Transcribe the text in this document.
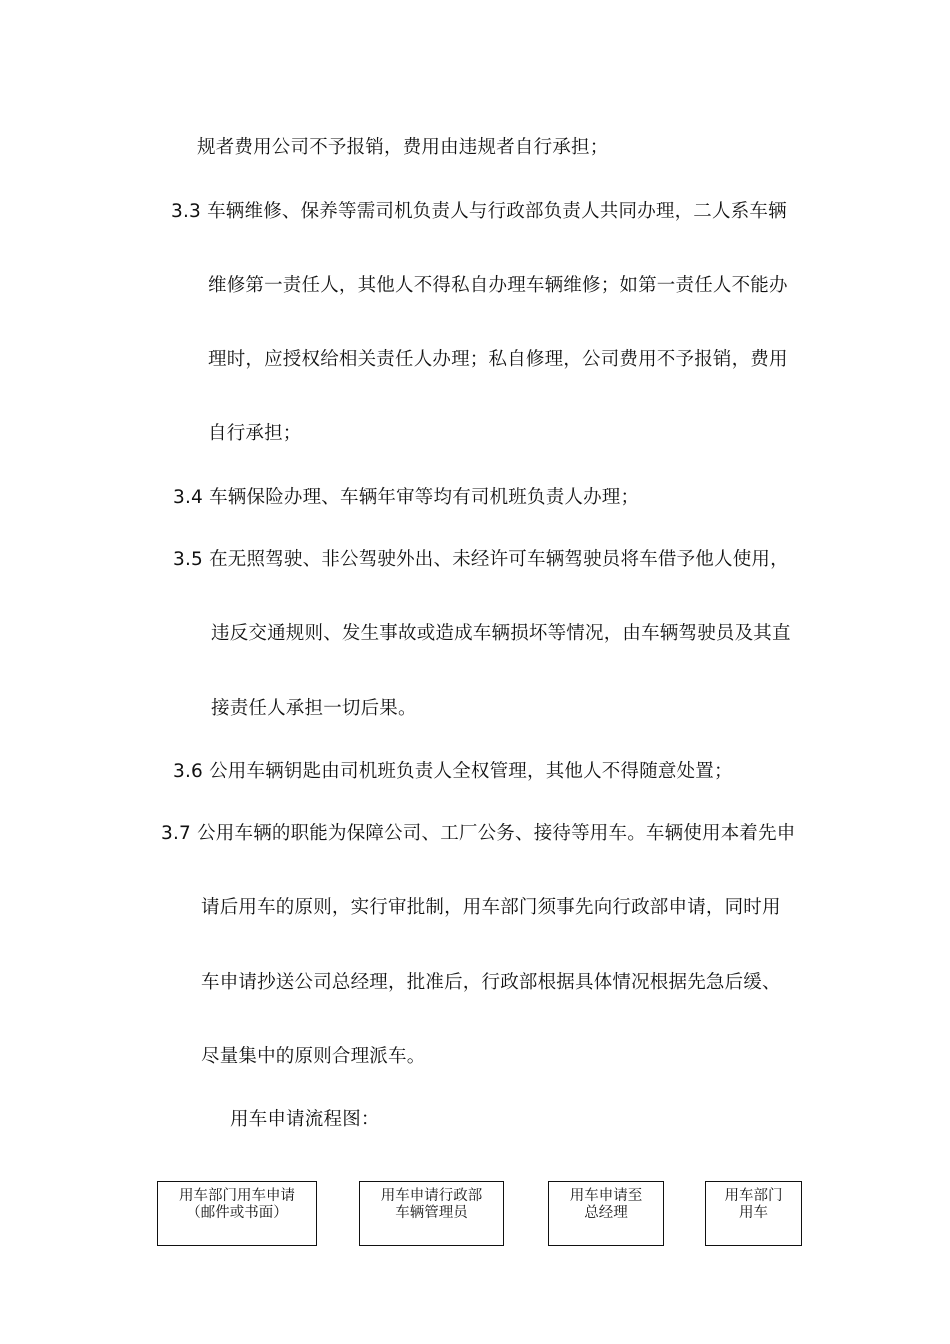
规者费用公司不予报销，费用由违规者自行承担；
3.3 车辆维修、保养等需司机负责人与行政部负责人共同办理，二人系车辆
维修第一责任人，其他人不得私自办理车辆维修；如第一责任人不能办
理时，应授权给相关责任人办理；私自修理，公司费用不予报销，费用
自行承担；
3.4 车辆保险办理、车辆年审等均有司机班负责人办理；
3.5 在无照驾驶、非公驾驶外出、未经许可车辆驾驶员将车借予他人使用，
违反交通规则、发生事故或造成车辆损坏等情况，由车辆驾驶员及其直
接责任人承担一切后果。
3.6 公用车辆钥匙由司机班负责人全权管理，其他人不得随意处置；
3.7 公用车辆的职能为保障公司、工厂公务、接待等用车。车辆使用本着先申
请后用车的原则，实行审批制，用车部门须事先向行政部申请，同时用
车申请抄送公司总经理，批准后，行政部根据具体情况根据先急后缓、
尽量集中的原则合理派车。
用车申请流程图：
用车部门用车申请
（邮件或书面）
用车申请行政部
车辆管理员
用车申请至
总经理
用车部门
用车
